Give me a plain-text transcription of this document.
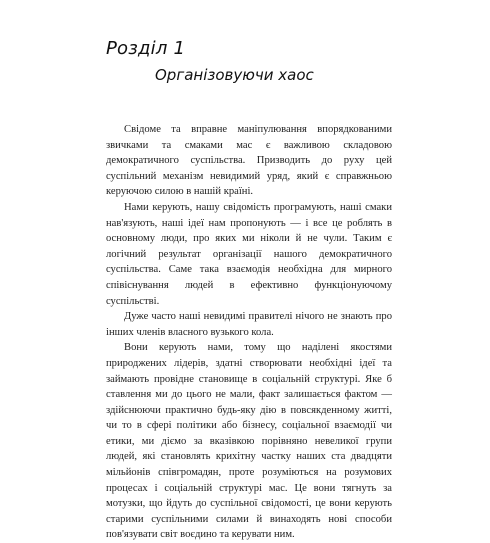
Розділ 1
Організовуючи хаос

Свідоме та вправне маніпулювання впорядкованими звичками та смаками мас є важливою складовою демократичного суспільства. Призводить до руху цей суспільний механізм невидимий уряд, який є справжньою керуючою силою в нашій країні.

Нами керують, нашу свідомість програмують, наші смаки нав'язують, наші ідеї нам пропонують — і все це роблять в основному люди, про яких ми ніколи й не чули. Таким є логічний результат організації нашого демократичного суспільства. Саме така взаємодія необхідна для мирного співіснування людей в ефективно функціонуючому суспільстві.

Дуже часто наші невидимі правителі нічого не знають про інших членів власного вузького кола.

Вони керують нами, тому що наділені якостями природжених лідерів, здатні створювати необхідні ідеї та займають провідне становище в соціальній структурі. Яке б ставлення ми до цього не мали, факт залишається фактом — здійснюючи практично будь-яку дію в повсякденному житті, чи то в сфері політики або бізнесу, соціальної взаємодії чи етики, ми діємо за вказівкою порівняно невеликої групи людей, які становлять крихітну частку наших ста двадцяти мільйонів співгромадян, проте розуміються на розумових процесах і соціальній структурі мас. Це вони тягнуть за мотузки, що йдуть до суспільної свідомості, це вони керують старими суспільними силами й винаходять нові способи пов'язувати світ воєдино та керувати ним.
